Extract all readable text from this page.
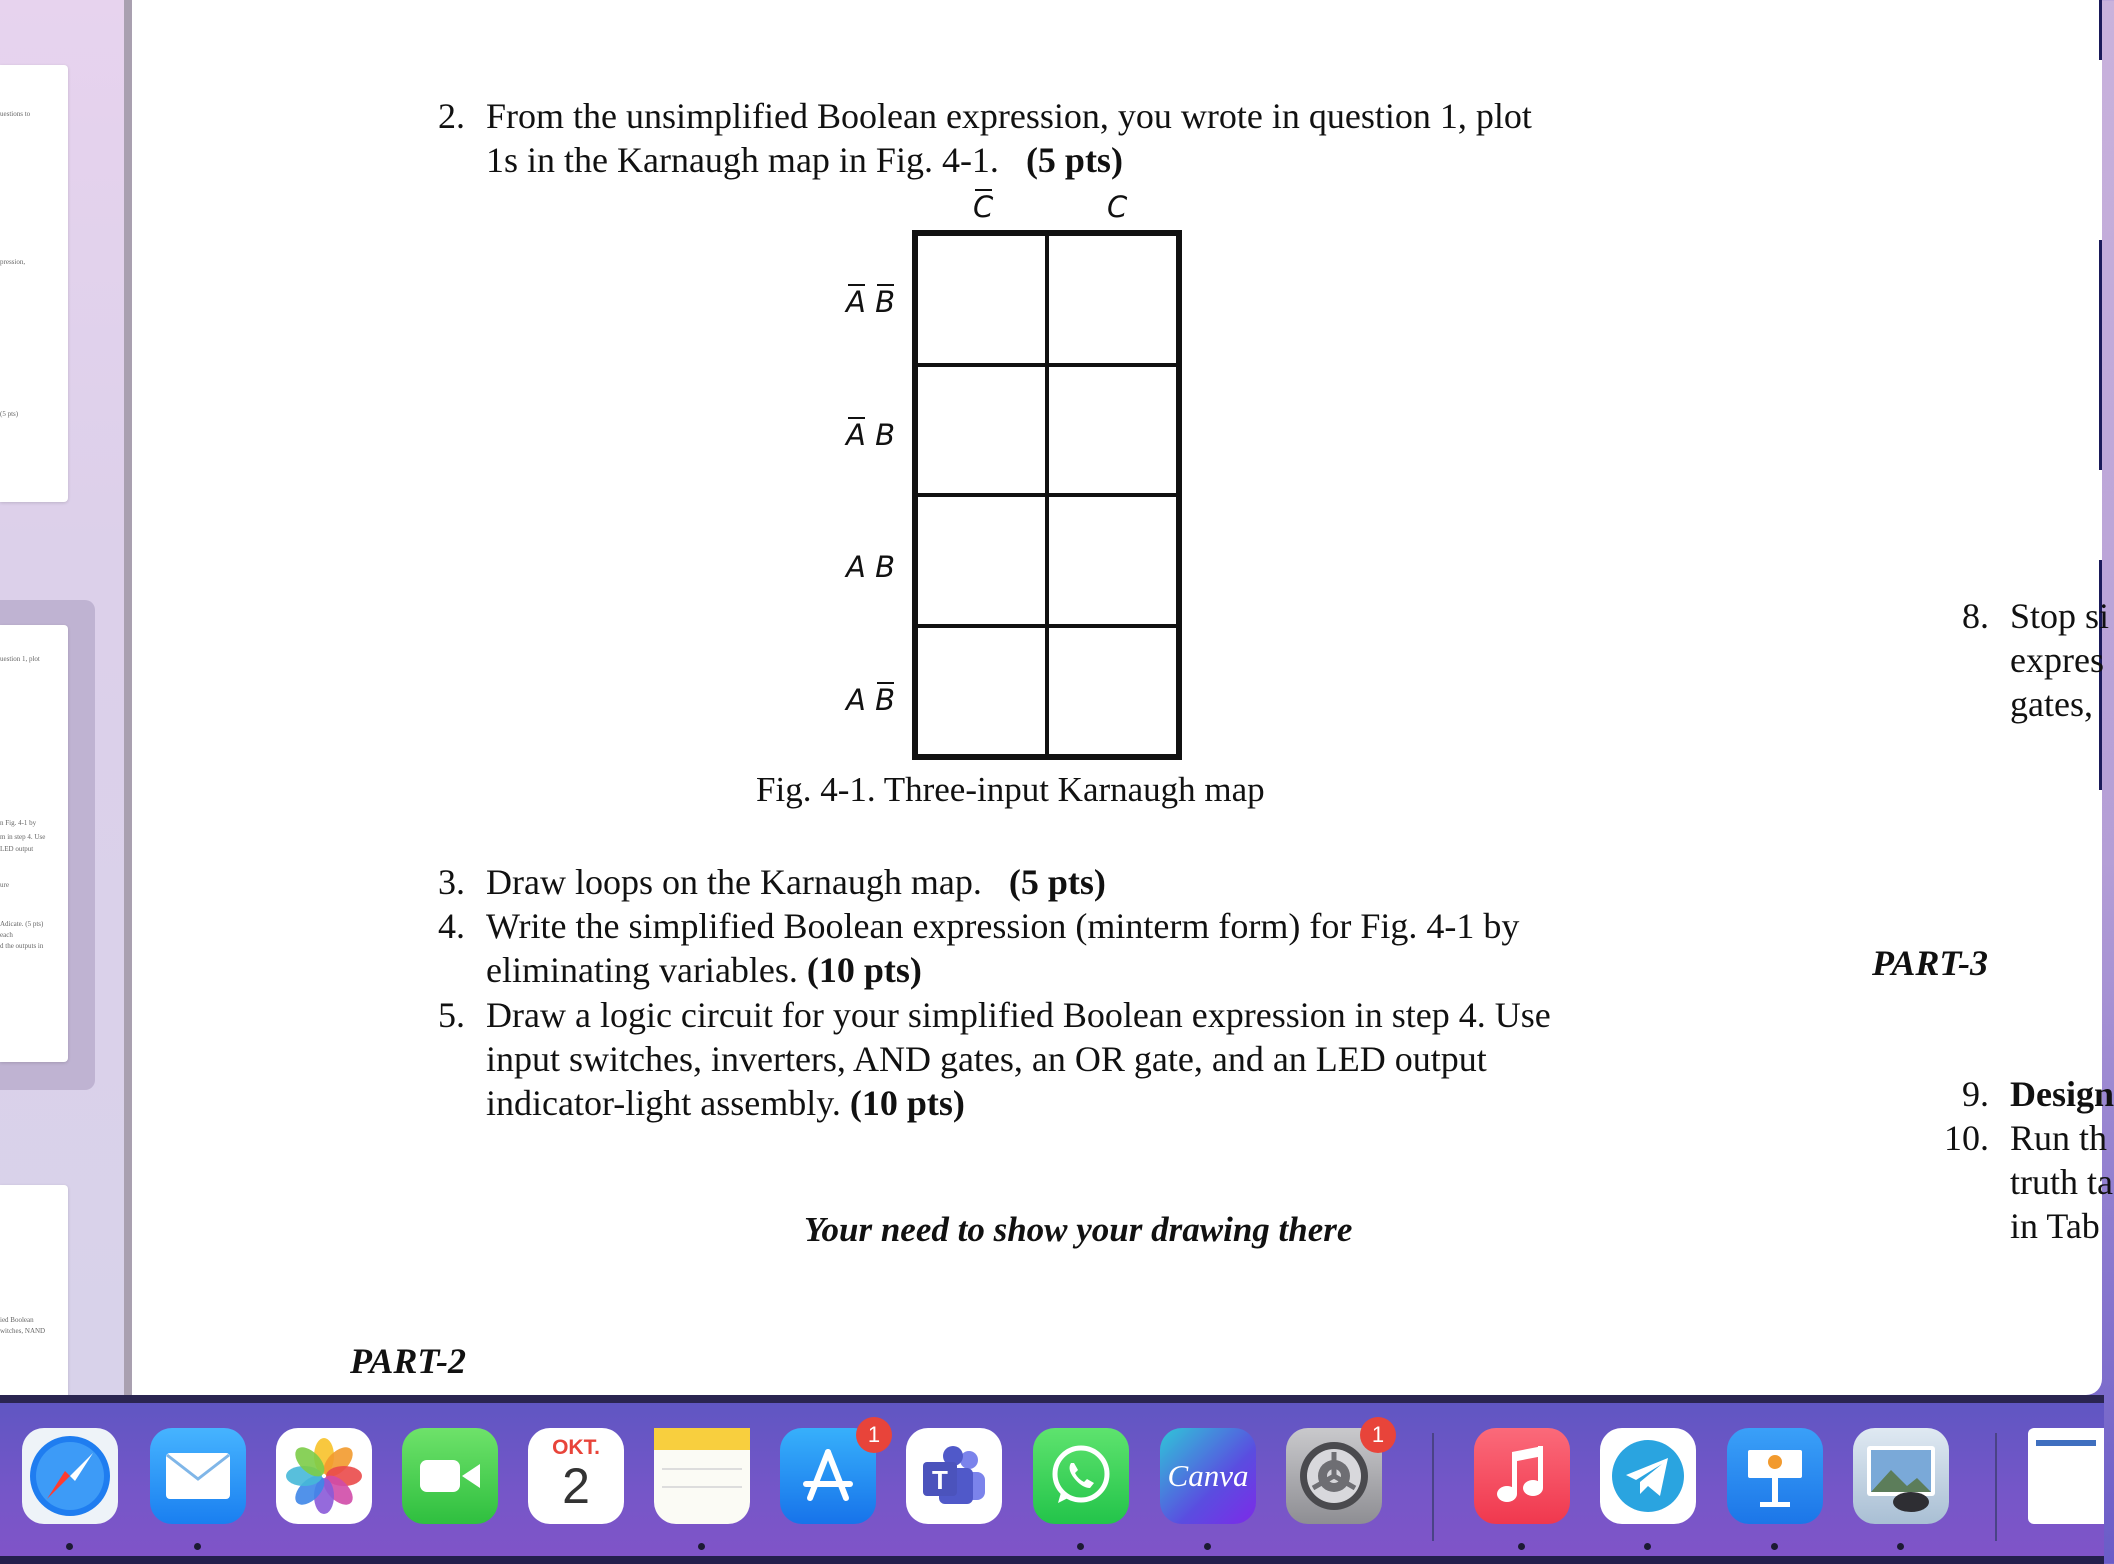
uestions to
pression,
(5 pts)
uestion 1, plot
n Fig. 4-1 by
m in step 4. Use
LED output
ure
Adicate. (5 pts)
each
d the outputs in
ied Boolean
witches, NAND
2. From the unsimplified Boolean expression, you wrote in question 1, plot
1s in the Karnaugh map in Fig. 4-1. (5 pts)
C	C
A B
A B
A B
A B
Fig. 4-1. Three-input Karnaugh map
3. Draw loops on the Karnaugh map. (5 pts)
4. Write the simplified Boolean expression (minterm form) for Fig. 4-1 by
eliminating variables. (10 pts)
5. Draw a logic circuit for your simplified Boolean expression in step 4. Use
input switches, inverters, AND gates, an OR gate, and an LED output
indicator-light assembly. (10 pts)
Your need to show your drawing there
PART-2
PART-3
8. Stop si
expres
gates,
9. Design
10. Run th
truth ta
in Tab
OKT.
2
1
T	Canva
1
